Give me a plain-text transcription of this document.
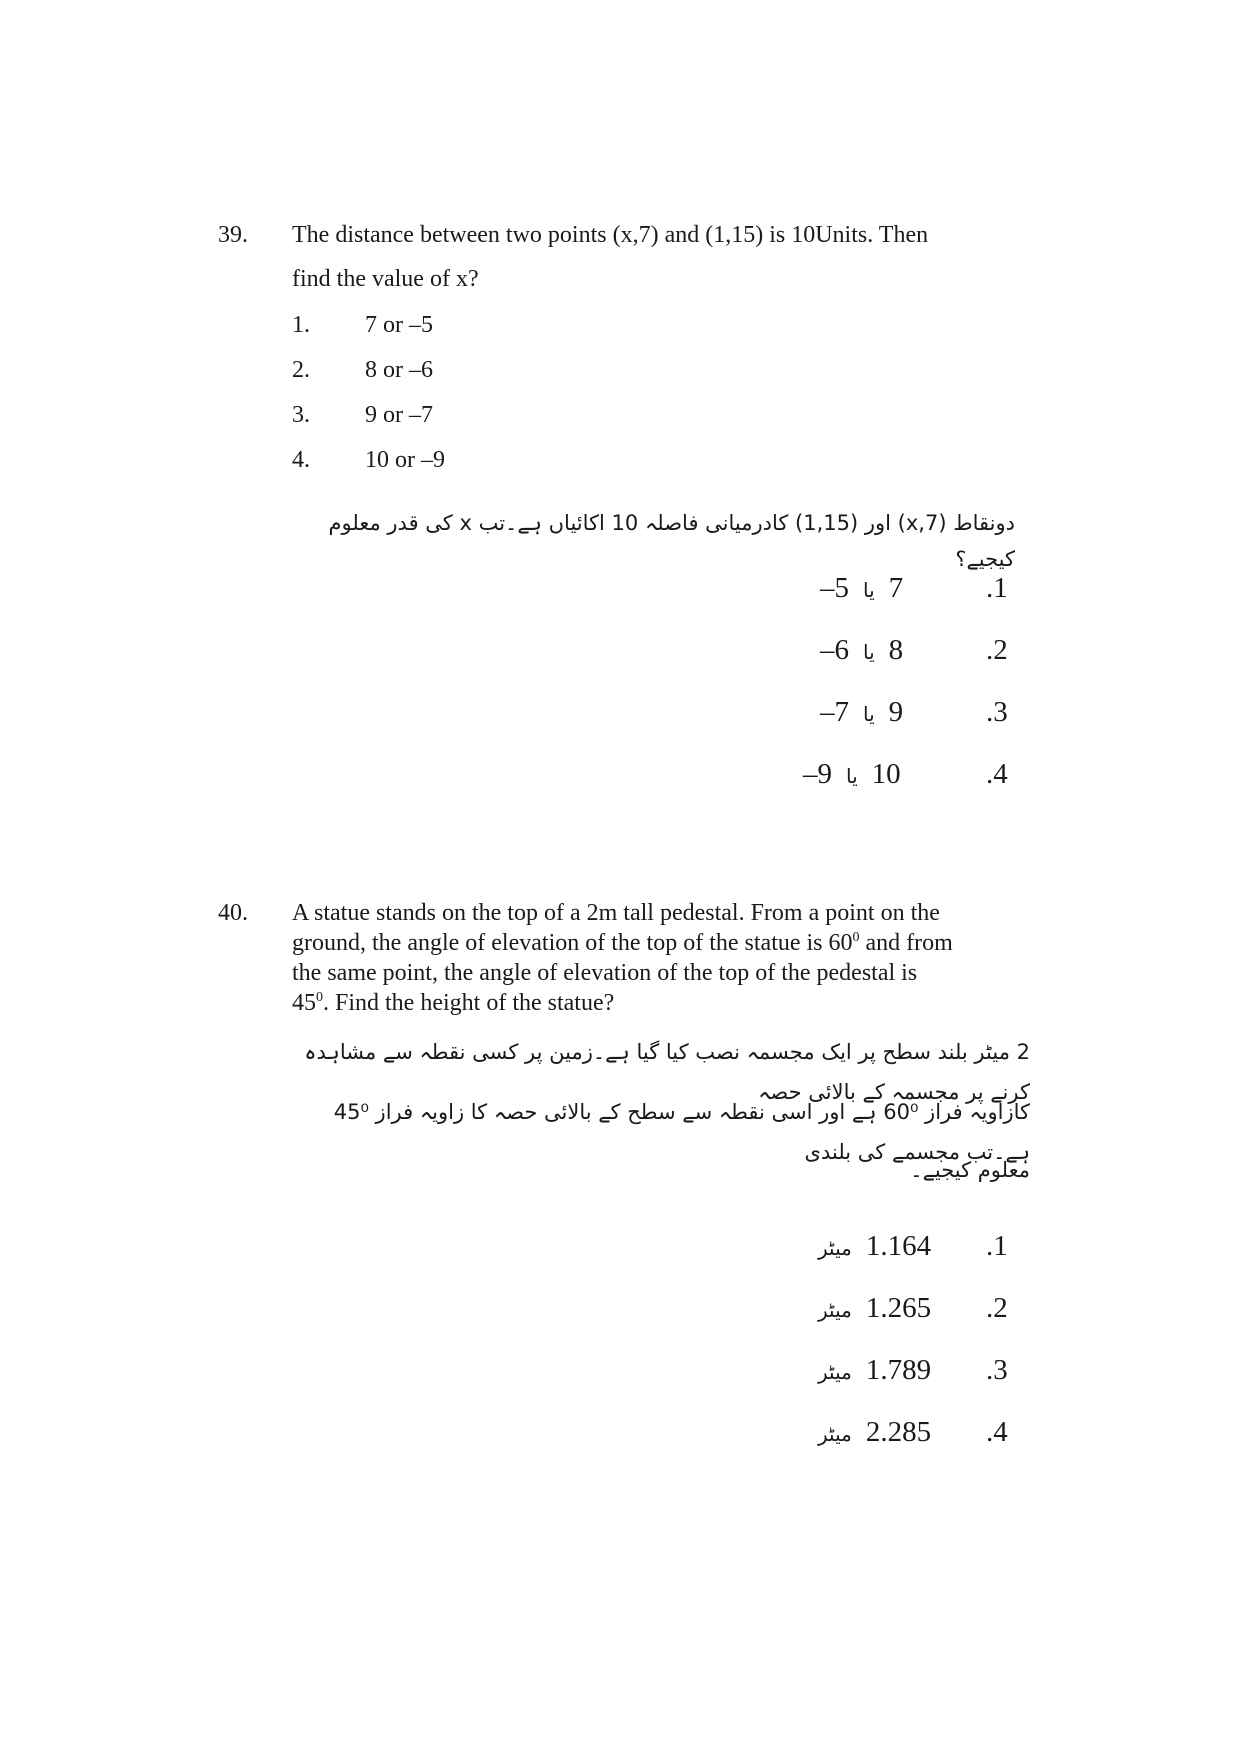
39. The distance between two points (x,7) and (1,15) is 10Units. Then
find the value of x?
1. 7 or –5
2. 8 or –6
3. 9 or –7
4. 10 or –9
دونقاط (x,7) اور (1,15) کادرمیانی فاصلہ 10 اکائیاں ہے۔تب x کی قدر معلوم کیجیے؟
–5 یا 7	.1
–6 یا 8	.2
–7 یا 9	.3
–9 یا 10	.4
40. A statue stands on the top of a 2m tall pedestal. From a point on the
ground, the angle of elevation of the top of the statue is $60^0$ and from
the same point, the angle of elevation of the top of the pedestal is
$45^0$. Find the height of the statue?
2 میٹر بلند سطح پر ایک مجسمہ نصب کیا گیا ہے۔زمین پر کسی نقطہ سے مشاہدہ کرنے پر مجسمہ کے بالائی حصہ
کازاویہ فراز 60⁰ ہے اور اسی نقطہ سے سطح کے بالائی حصہ کا زاویہ فراز 45⁰ ہے۔تب مجسمے کی بلندی
معلوم کیجیے۔
میٹر 1.164 .1
میٹر 1.265 .2
میٹر 1.789 .3
میٹر 2.285 .4
